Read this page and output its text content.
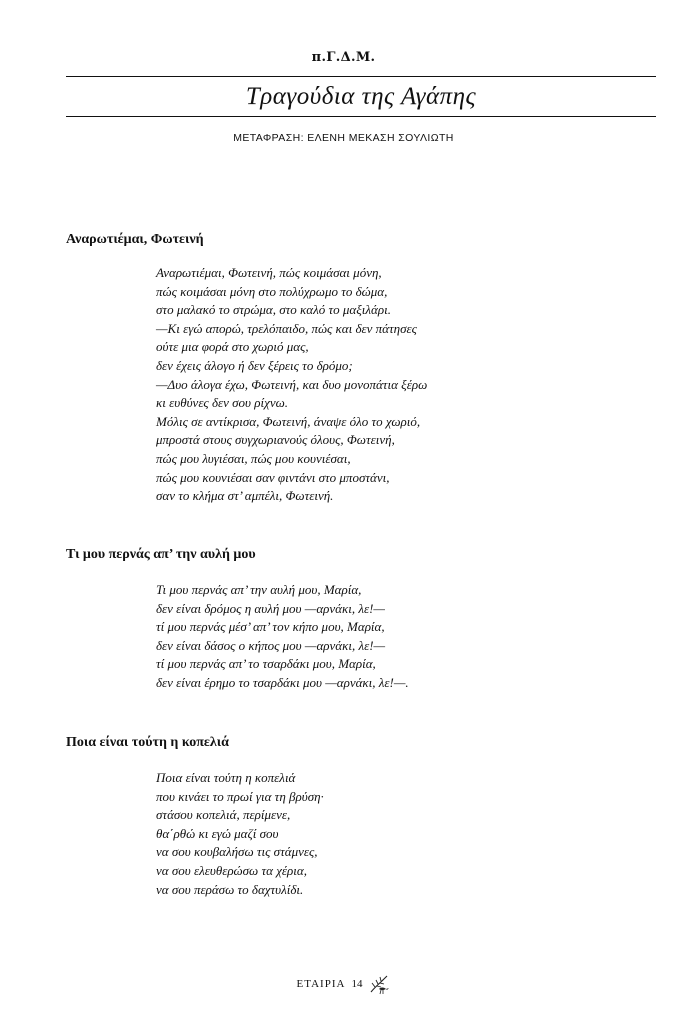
π.Γ.Δ.Μ.
Τραγούδια της Αγάπης
ΜΕΤΑΦΡΑΣΗ: ΕΛΕΝΗ ΜΕΚΑΣΗ ΣΟΥΛΙΩΤΗ
Αναρωτιέμαι, Φωτεινή
Αναρωτιέμαι, Φωτεινή, πώς κοιμάσαι μόνη,
πώς κοιμάσαι μόνη στο πολύχρωμο το δώμα,
στο μαλακό το στρώμα, στο καλό το μαξιλάρι.
—Κι εγώ απορώ, τρελόπαιδο, πώς και δεν πάτησες
ούτε μια φορά στο χωριό μας,
δεν έχεις άλογο ή δεν ξέρεις το δρόμο;
—Δυο άλογα έχω, Φωτεινή, και δυο μονοπάτια ξέρω
κι ευθύνες δεν σου ρίχνω.
Μόλις σε αντίκρισα, Φωτεινή, άναψε όλο το χωριό,
μπροστά στους συγχωριανούς όλους, Φωτεινή,
πώς μου λυγιέσαι, πώς μου κουνιέσαι,
πώς μου κουνιέσαι σαν φιντάνι στο μποστάνι,
σαν το κλήμα στ’ αμπέλι, Φωτεινή.
Τι μου περνάς απ’ την αυλή μου
Τι μου περνάς απ’ την αυλή μου, Μαρία,
δεν είναι δρόμος η αυλή μου —αρνάκι, λε!—
τί μου περνάς μέσ’ απ’ τον κήπο μου, Μαρία,
δεν είναι δάσος ο κήπος μου —αρνάκι, λε!—
τί μου περνάς απ’ το τσαρδάκι μου, Μαρία,
δεν είναι έρημο το τσαρδάκι μου —αρνάκι, λε!—.
Ποια είναι τούτη η κοπελιά
Ποια είναι τούτη η κοπελιά
που κινάει το πρωί για τη βρύση·
στάσου κοπελιά, περίμενε,
θα΄ρθώ κι εγώ μαζί σου
να σου κουβαλήσω τις στάμνες,
να σου ελευθερώσω τα χέρια,
να σου περάσω το δαχτυλίδι.
ΕΤΑΙΡΙΑ 14
